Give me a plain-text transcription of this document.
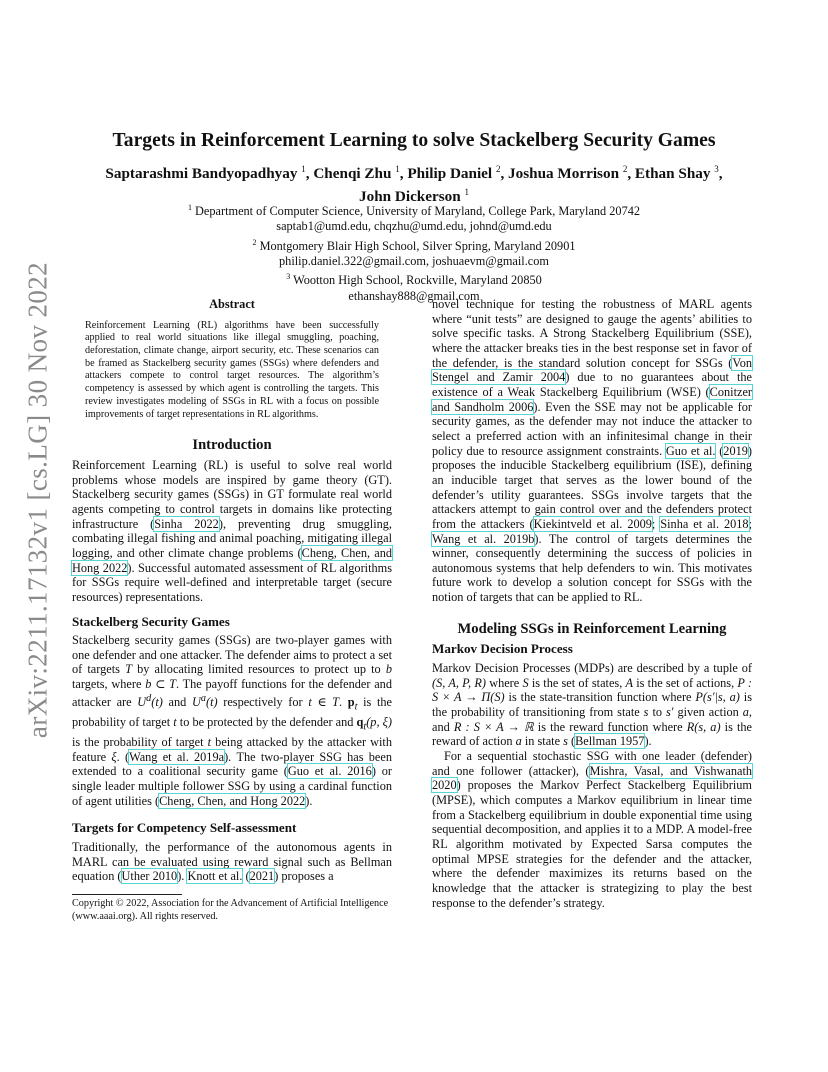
arXiv:2211.17132v1 [cs.LG] 30 Nov 2022
Targets in Reinforcement Learning to solve Stackelberg Security Games
Saptarashmi Bandyopadhyay $^1$, Chenqi Zhu $^1$, Philip Daniel $^2$, Joshua Morrison $^2$, Ethan Shay $^3$,
John Dickerson $^1$
$^1$ Department of Computer Science, University of Maryland, College Park, Maryland 20742
saptab1@umd.edu, chqzhu@umd.edu, johnd@umd.edu
$^2$ Montgomery Blair High School, Silver Spring, Maryland 20901
philip.daniel.322@gmail.com, joshuaevm@gmail.com
$^3$ Wootton High School, Rockville, Maryland 20850
ethanshay888@gmail.com
Abstract

Reinforcement Learning (RL) algorithms have been successfully applied to real world situations like illegal smuggling, poaching, deforestation, climate change, airport security, etc. These scenarios can be framed as Stackelberg security games (SSGs) where defenders and attackers compete to control target resources. The algorithm’s competency is assessed by which agent is controlling the targets. This review investigates modeling of SSGs in RL with a focus on possible improvements of target representations in RL algorithms.

Introduction

Reinforcement Learning (RL) is useful to solve real world problems whose models are inspired by game theory (GT). Stackelberg security games (SSGs) in GT formulate real world agents competing to control targets in domains like protecting infrastructure (Sinha 2022), preventing drug smuggling, combating illegal fishing and animal poaching, mitigating illegal logging, and other climate change problems (Cheng, Chen, and Hong 2022). Successful automated assessment of RL algorithms for SSGs require well-defined and interpretable target (secure resources) representations.

Stackelberg Security Games

Stackelberg security games (SSGs) are two-player games with one defender and one attacker. The defender aims to protect a set of targets T by allocating limited resources to protect up to b targets, where b ⊂ T. The payoff functions for the defender and attacker are $U^d(t)$ and $U^a(t)$ respectively for t ∈ T. $p_t$ is the probability of target t to be protected by the defender and $q_t(p$, ξ) is the probability of target t being attacked by the attacker with feature ξ. (Wang et al. 2019a). The two-player SSG has been extended to a coalitional security game (Guo et al. 2016) or single leader multiple follower SSG by using a cardinal function of agent utilities (Cheng, Chen, and Hong 2022).

Targets for Competency Self-assessment

Traditionally, the performance of the autonomous agents in MARL can be evaluated using reward signal such as Bellman equation (Uther 2010). Knott et al. (2021) proposes a

Copyright © 2022, Association for the Advancement of Artificial Intelligence (www.aaai.org). All rights reserved.

novel technique for testing the robustness of MARL agents where “unit tests” are designed to gauge the agents’ abilities to solve specific tasks. A Strong Stackelberg Equilibrium (SSE), where the attacker breaks ties in the best response set in favor of the defender, is the standard solution concept for SSGs (Von Stengel and Zamir 2004) due to no guarantees about the existence of a Weak Stackelberg Equilibrium (WSE) (Conitzer and Sandholm 2006). Even the SSE may not be applicable for security games, as the defender may not induce the attacker to select a preferred action with an infinitesimal change in their policy due to resource assignment constraints. Guo et al. (2019) proposes the inducible Stackelberg equilibrium (ISE), defining an inducible target that serves as the lower bound of the defender’s utility guarantees. SSGs involve targets that the attackers attempt to gain control over and the defenders protect from the attackers (Kiekintveld et al. 2009; Sinha et al. 2018; Wang et al. 2019b). The control of targets determines the winner, consequently determining the success of policies in autonomous systems that help defenders to win. This motivates future work to develop a solution concept for SSGs with the notion of targets that can be applied to RL.

Modeling SSGs in Reinforcement Learning
Markov Decision Process

Markov Decision Processes (MDPs) are described by a tuple of (S, A, P, R) where S is the set of states, A is the set of actions, P : S × A → Π(S) is the state-transition function where P(s′|s, a) is the probability of transitioning from state s to s′ given action a, and R : S × A → ℝ is the reward function where R(s, a) is the reward of action a in state s (Bellman 1957).

For a sequential stochastic SSG with one leader (defender) and one follower (attacker), (Mishra, Vasal, and Vishwanath 2020) proposes the Markov Perfect Stackelberg Equilibrium (MPSE), which computes a Markov equilibrium in linear time from a Stackelberg equilibrium in double exponential time using sequential decomposition, and applies it to a MDP. A model-free RL algorithm motivated by Expected Sarsa computes the optimal MPSE strategies for the defender and the attacker, where the defender maximizes its returns based on the knowledge that the attacker is strategizing to play the best response to the defender’s strategy.
